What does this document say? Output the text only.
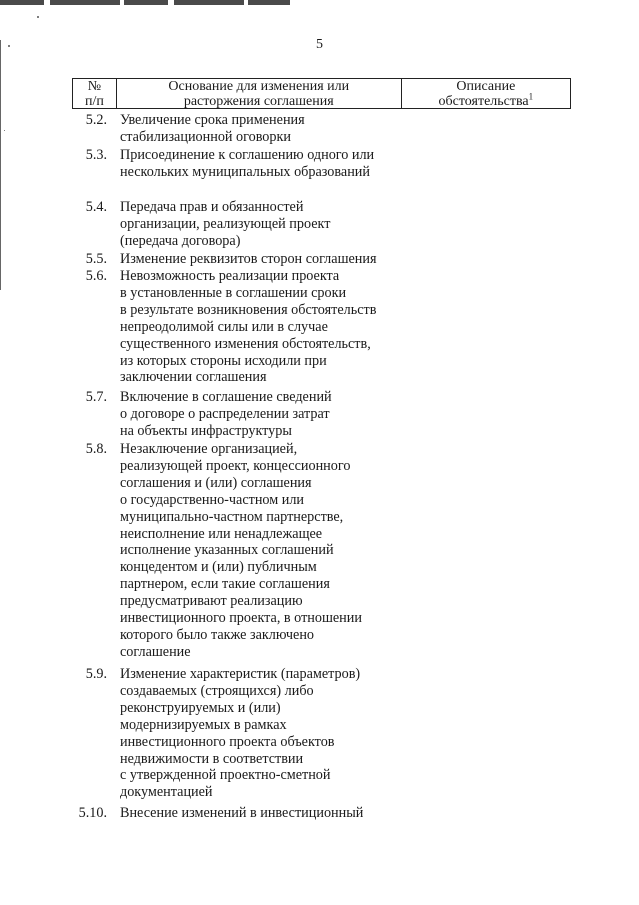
5
№
п/п
Основание для изменения или
расторжения соглашения
Описание
обстоятельства$^1$
5.2. Увеличение срока применения
стабилизационной оговорки
5.3. Присоединение к соглашению одного или
нескольких муниципальных образований
5.4. Передача прав и обязанностей
организации, реализующей проект
(передача договора)
5.5. Изменение реквизитов сторон соглашения
5.6. Невозможность реализации проекта
в установленные в соглашении сроки
в результате возникновения обстоятельств
непреодолимой силы или в случае
существенного изменения обстоятельств,
из которых стороны исходили при
заключении соглашения
5.7. Включение в соглашение сведений
о договоре о распределении затрат
на объекты инфраструктуры
5.8. Незаключение организацией,
реализующей проект, концессионного
соглашения и (или) соглашения
о государственно-частном или
муниципально-частном партнерстве,
неисполнение или ненадлежащее
исполнение указанных соглашений
концедентом и (или) публичным
партнером, если такие соглашения
предусматривают реализацию
инвестиционного проекта, в отношении
которого было также заключено
соглашение
5.9. Изменение характеристик (параметров)
создаваемых (строящихся) либо
реконструируемых и (или)
модернизируемых в рамках
инвестиционного проекта объектов
недвижимости в соответствии
с утвержденной проектно-сметной
документацией
5.10. Внесение изменений в инвестиционный
